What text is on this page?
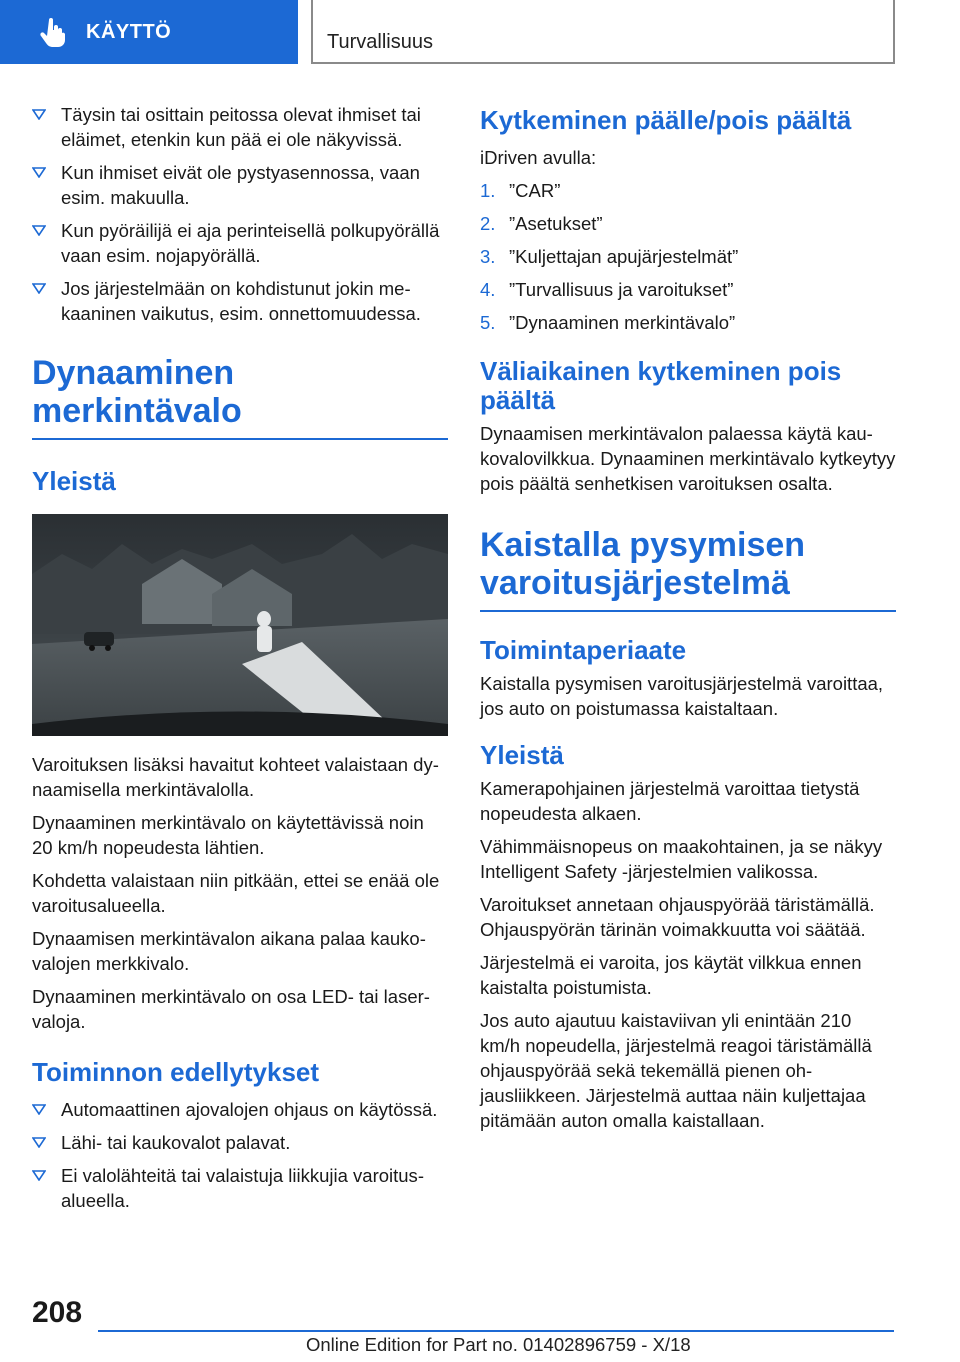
KÄYTTÖ	Turvallisuus
Täysin tai osittain peitossa olevat ihmiset tai eläimet, etenkin kun pää ei ole näkyvissä.
Kun ihmiset eivät ole pystyasennossa, vaan esim. makuulla.
Kun pyöräilijä ei aja perinteisellä polkupyörällä vaan esim. nojapyörällä.
Jos järjestelmään on kohdistunut jokin mekaaninen vaikutus, esim. onnettomuudessa.
Dynaaminen merkintävalo
Yleistä

Varoituksen lisäksi havaitut kohteet valaistaan dynaamisella merkintävalolla.

Dynaaminen merkintävalo on käytettävissä noin 20 km/h nopeudesta lähtien.

Kohdetta valaistaan niin pitkään, ettei se enää ole varoitusalueella.

Dynaamisen merkintävalon aikana palaa kaukovalojen merkkivalo.

Dynaaminen merkintävalo on osa LED- tai laservaloja.

Toiminnon edellytykset
Automaattinen ajovalojen ohjaus on käytössä.
Lähi- tai kaukovalot palavat.
Ei valolähteitä tai valaistuja liikkujia varoitusalueella.
Kytkeminen päälle/pois päältä

iDriven avulla:

1. ”CAR”
2. ”Asetukset”
3. ”Kuljettajan apujärjestelmät”
4. ”Turvallisuus ja varoitukset”
5. ”Dynaaminen merkintävalo”
Väliaikainen kytkeminen pois päältä

Dynaamisen merkintävalon palaessa käytä kaukovalovilkkua. Dynaaminen merkintävalo kytkeytyy pois päältä senhetkisen varoituksen osalta.

Kaistalla pysymisen varoitusjärjestelmä
Toimintaperiaate

Kaistalla pysymisen varoitusjärjestelmä varoittaa, jos auto on poistumassa kaistaltaan.

Yleistä

Kamerapohjainen järjestelmä varoittaa tietystä nopeudesta alkaen.

Vähimmäisnopeus on maakohtainen, ja se näkyy Intelligent Safety -järjestelmien valikossa.

Varoitukset annetaan ohjauspyörää täristämällä. Ohjauspyörän tärinän voimakkuutta voi säätää.

Järjestelmä ei varoita, jos käytät vilkkua ennen kaistalta poistumista.

Jos auto ajautuu kaistaviivan yli enintään 210 km/h nopeudella, järjestelmä reagoi täristämällä ohjauspyörää sekä tekemällä pienen ohjausliikkeen. Järjestelmä auttaa näin kuljettajaa pitämään auton omalla kaistallaan.

208
Online Edition for Part no. 01402896759 - X/18
